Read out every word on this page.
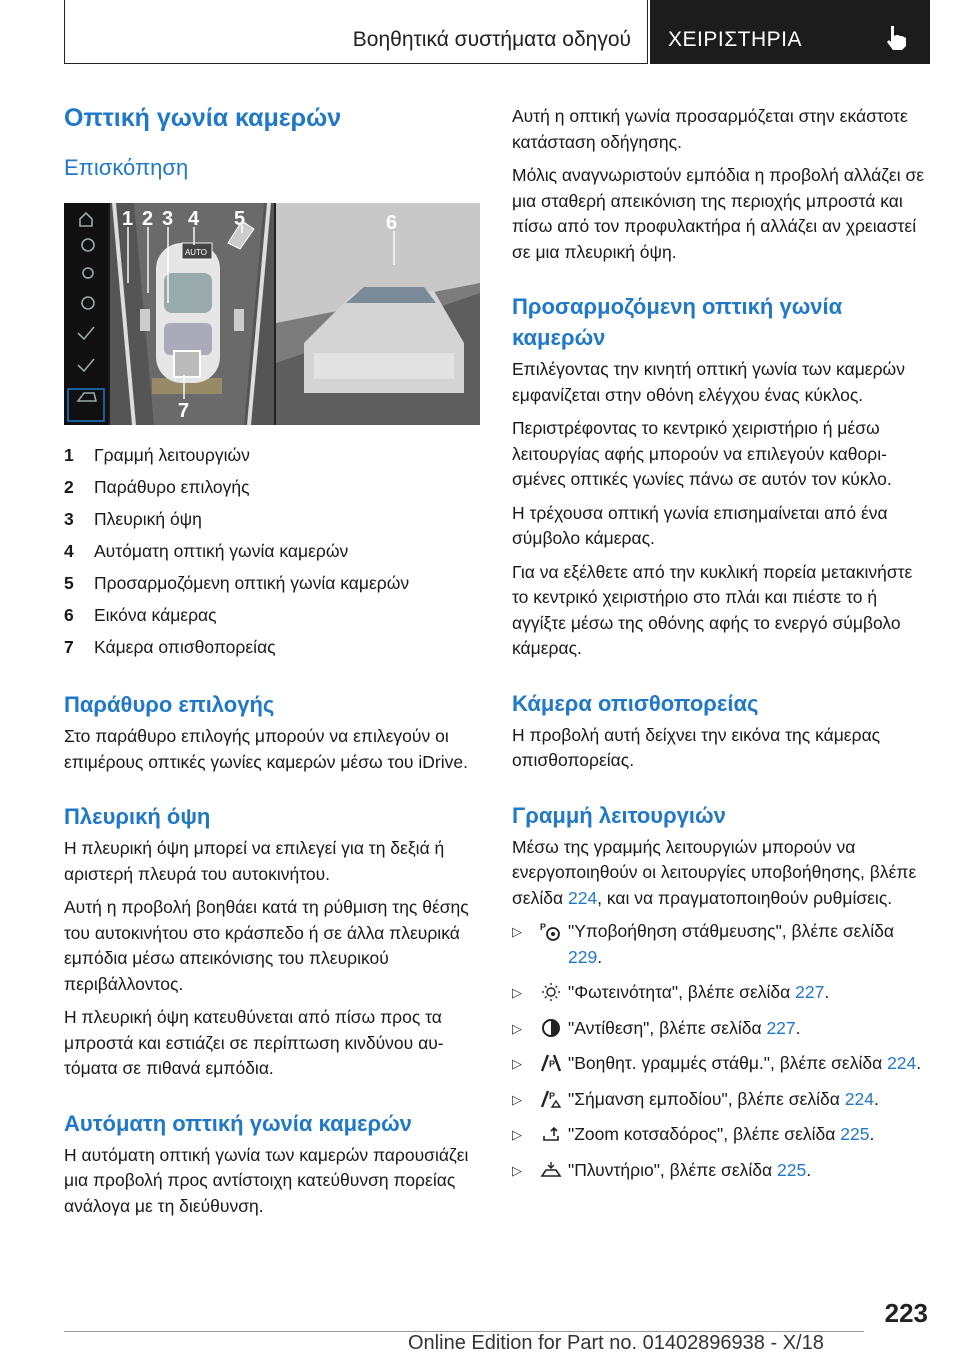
Βοηθητικά συστήματα οδηγού ΧΕΙΡΙΣΤΗΡΙΑ
Οπτική γωνία καμερών
Επισκόπηση
AUTO
1 2 3 4 5	6
7
1	Γραμμή λειτουργιών
2	Παράθυρο επιλογής
3	Πλευρική όψη
4	Αυτόματη οπτική γωνία καμερών
5	Προσαρμοζόμενη οπτική γωνία καμερών
6	Εικόνα κάμερας
7	Κάμερα οπισθοπορείας
Παράθυρο επιλογής

Στο παράθυρο επιλογής μπορούν να επιλεγούν οι επιμέρους οπτικές γωνίες καμερών μέσω του iDrive.

Πλευρική όψη

Η πλευρική όψη μπορεί να επιλεγεί για τη δεξιά ή αριστερή πλευρά του αυτοκινήτου.

Αυτή η προβολή βοηθάει κατά τη ρύθμιση της θέσης του αυτοκινήτου στο κράσπεδο ή σε άλλα πλευρικά εμπόδια μέσω απεικόνισης του πλευρικού περιβάλλοντος.

Η πλευρική όψη κατευθύνεται από πίσω προς τα μπροστά και εστιάζει σε περίπτωση κινδύνου αυτόματα σε πιθανά εμπόδια.

Αυτόματη οπτική γωνία καμερών

Η αυτόματη οπτική γωνία των καμερών παρουσιάζει μια προβολή προς αντίστοιχη κατεύθυνση πορείας ανάλογα με τη διεύθυνση.

Αυτή η οπτική γωνία προσαρμόζεται στην εκάστοτε κατάσταση οδήγησης.

Μόλις αναγνωριστούν εμπόδια η προβολή αλλάζει σε μια σταθερή απεικόνιση της περιοχής μπροστά και πίσω από τον προφυλακτήρα ή αλλάζει αν χρειαστεί σε μια πλευρική όψη.

Προσαρμοζόμενη οπτική γωνία καμερών

Επιλέγοντας την κινητή οπτική γωνία των καμερών εμφανίζεται στην οθόνη ελέγχου ένας κύκλος.

Περιστρέφοντας το κεντρικό χειριστήριο ή μέσω λειτουργίας αφής μπορούν να επιλεγούν καθορισμένες οπτικές γωνίες πάνω σε αυτόν τον κύκλο.

Η τρέχουσα οπτική γωνία επισημαίνεται από ένα σύμβολο κάμερας.

Για να εξέλθετε από την κυκλική πορεία μετακινήστε το κεντρικό χειριστήριο στο πλάι και πιέστε το ή αγγίξτε μέσω της οθόνης αφής το ενεργό σύμβολο κάμερας.

Κάμερα οπισθοπορείας

Η προβολή αυτή δείχνει την εικόνα της κάμερας οπισθοπορείας.

Γραμμή λειτουργιών

Μέσω της γραμμής λειτουργιών μπορούν να ενεργοποιηθούν οι λειτουργίες υποβοήθησης, βλέπε σελίδα 224, και να πραγματοποιηθούν ρυθμίσεις.

▷ P "Υποβοήθηση στάθμευσης", βλέπε σελίδα 229.
▷	"Φωτεινότητα", βλέπε σελίδα 227.
▷	"Αντίθεση", βλέπε σελίδα 227.
▷	P "Βοηθητ. γραμμές στάθμ.", βλέπε σελίδα 224.
▷	P "Σήμανση εμποδίου", βλέπε σελίδα 224.
▷	"Zoom κοτσαδόρος", βλέπε σελίδα 225.
▷	"Πλυντήριο", βλέπε σελίδα 225.
223
Online Edition for Part no. 01402896938 - X/18
